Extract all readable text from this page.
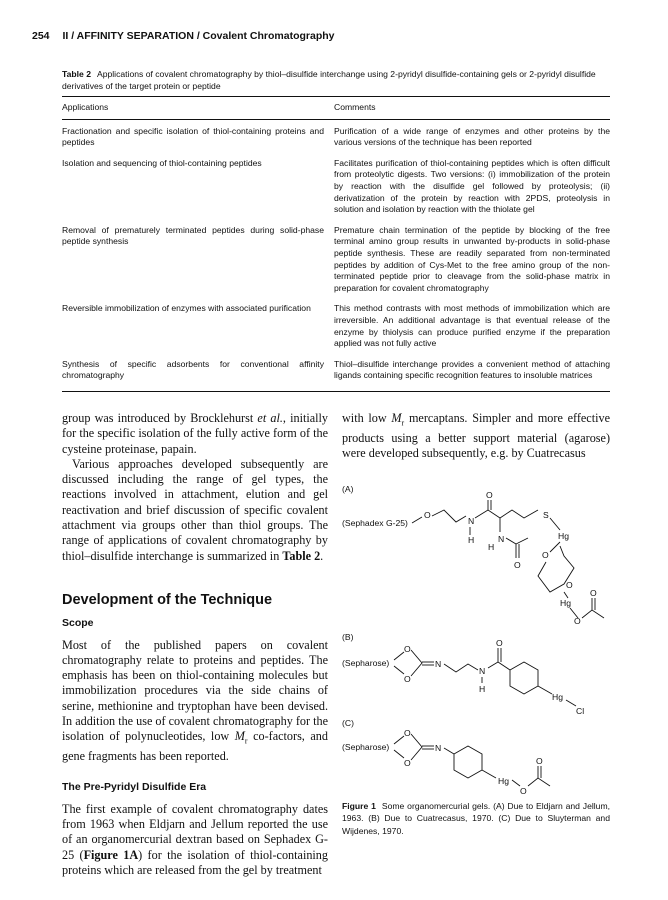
254 II / AFFINITY SEPARATION / Covalent Chromatography
Table 2 Applications of covalent chromatography by thiol–disulfide interchange using 2-pyridyl disulfide-containing gels or 2-pyridyl disulfide derivatives of the target protein or peptide
Applications	Comments
Fractionation and specific isolation of thiol-containing proteins and peptides	Purification of a wide range of enzymes and other proteins by the various versions of the technique has been reported
Isolation and sequencing of thiol-containing peptides	Facilitates purification of thiol-containing peptides which is often difficult from proteolytic digests. Two versions: (i) immobilization of the protein by reaction with the disulfide gel followed by proteolysis; (ii) derivatization of the protein by reaction with 2PDS, proteolysis in solution and isolation by reaction with the thiolate gel
Removal of prematurely terminated peptides during solid-phase peptide synthesis	Premature chain termination of the peptide by blocking of the free terminal amino group results in unwanted by-products in solid-phase peptide synthesis. These are readily separated from non-terminated peptides by addition of Cys-Met to the free amino group of the non-terminated peptide prior to cleavage from the solid-phase matrix in preparation for covalent chromatography
Reversible immobilization of enzymes with associated purification	This method contrasts with most methods of immobilization which are irreversible. An additional advantage is that eventual release of the enzyme by thiolysis can produce purified enzyme if the preparation applied was not fully active
Synthesis of specific adsorbents for conventional affinity chromatography	Thiol–disulfide interchange provides a convenient method of attaching ligands containing specific recognition features to insoluble matrices

group was introduced by Brocklehurst et al., initially for the specific isolation of the fully active form of the cysteine proteinase, papain.

Various approaches developed subsequently are discussed including the range of gel types, the reactions involved in attachment, elution and gel reactivation and brief discussion of specific covalent attachment via groups other than thiol groups. The range of applications of covalent chromatography by thiol–disulfide interchange is summarized in Table 2.

Development of the Technique
Scope

Most of the published papers on covalent chromatography relate to proteins and peptides. The emphasis has been on thiol-containing molecules but immobilization procedures via the side chains of serine, methionine and tryptophan have been devised. In addition the use of covalent chromatography for the isolation of polynucleotides, low $M_r$ co-factors, and gene fragments has been reported.

The Pre-Pyridyl Disulfide Era

The first example of covalent chromatography dates from 1963 when Eldjarn and Jellum reported the use of an organomercurial dextran based on Sephadex G-25 (Figure 1A) for the isolation of thiol-containing proteins which are released from the gel by treatment

with low $M_r$ mercaptans. Simpler and more effective products using a better support material (agarose) were developed subsequently, e.g. by Cuatrecasus

(A)
(Sephadex G-25)
O
N
H
O
S
Hg
N
H
O
O
O
Hg
O
O
(B)
(Sepharose)
O
O
N
N
H
O
Hg
Cl
(C)
(Sepharose)
O
O
N
Hg
O
O
Figure 1 Some organomercurial gels. (A) Due to Eldjarn and Jellum, 1963. (B) Due to Cuatrecasus, 1970. (C) Due to Sluyterman and Wijdenes, 1970.
